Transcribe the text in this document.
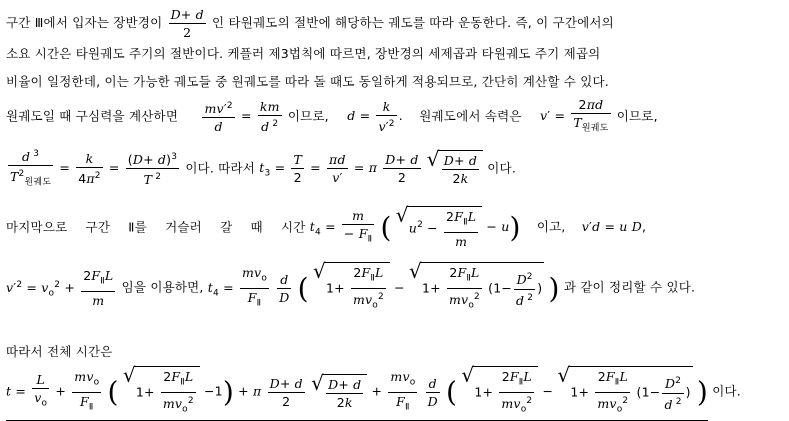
구간 Ⅲ에서 입자는 장반경이 $\frac{D+ d}{2}$ 인 타원궤도의 절반에 해당하는 궤도를 따라 운동한다. 즉, 이 구간에서의
소요 시간은 타원궤도 주기의 절반이다. 케플러 제3법칙에 따르면, 장반경의 세제곱과 타원궤도 주기 제곱의
비율이 일정한데, 이는 가능한 궤도들 중 원궤도를 따라 돌 때도 동일하게 적용되므로, 간단히 계산할 수 있다.
원궤도일 때 구심력을 계산하면 $\frac{mv'^2}{d} = \frac{km}{d ^2}$ 이므로, $d = \frac{k}{v'^2}$ .  원궤도에서 속력은 $v' = \frac{2\pi d}{T_{원궤도}}$ 이므로,
$\frac{d ^3}{T^2_{원궤도}} = \frac{k}{4\pi^2} = \frac{(D+ d)^3}{T ^2}$ 이다. 따라서 $t_3 = \frac{T}{2} = \frac{\pi d}{v'} = \pi \frac{D+ d}{2}$
√ $\frac{D+ d}{2k}$ 이다.
마지막으로 구간 Ⅱ를 거슬러 갈 때 시간 $t_4 = \frac{m}{- F_Ⅱ}$ ( √
$u^2 - \frac{2F_ⅡL}{m} - u$) 이고, v′d = u D,
$v'^2 = v_o^2 + \frac{2F_ⅡL}{m}$ 임을 이용하면, $t_4 = \frac{mv_o}{F_Ⅱ}$
$\frac{d}{D}$ (
√
$1+ \frac{2F_ⅡL}{mv_o^2}$ −
√
$1+ \frac{2F_ⅡL}{mv_o^2} (1- \frac{D^2}{d ^2}$ ) ) 과 같이 정리할 수 있다.
따라서 전체 시간은
$t = \frac{L}{v_o} + \frac{mv_o}{F_Ⅱ}$ (
√
$1+ \frac{2F_ⅡL}{mv_o^2} -1) + \pi \frac{D+ d}{2}$
√ $\frac{D+ d}{2k} + \frac{mv_o}{F_Ⅱ}$
$\frac{d}{D}$ (
√
$1+ \frac{2F_ⅡL}{mv_o^2}$ −
√
$1+ \frac{2F_ⅡL}{mv_o^2} (1- \frac{D^2}{d ^2}$ ) ) 이다.
